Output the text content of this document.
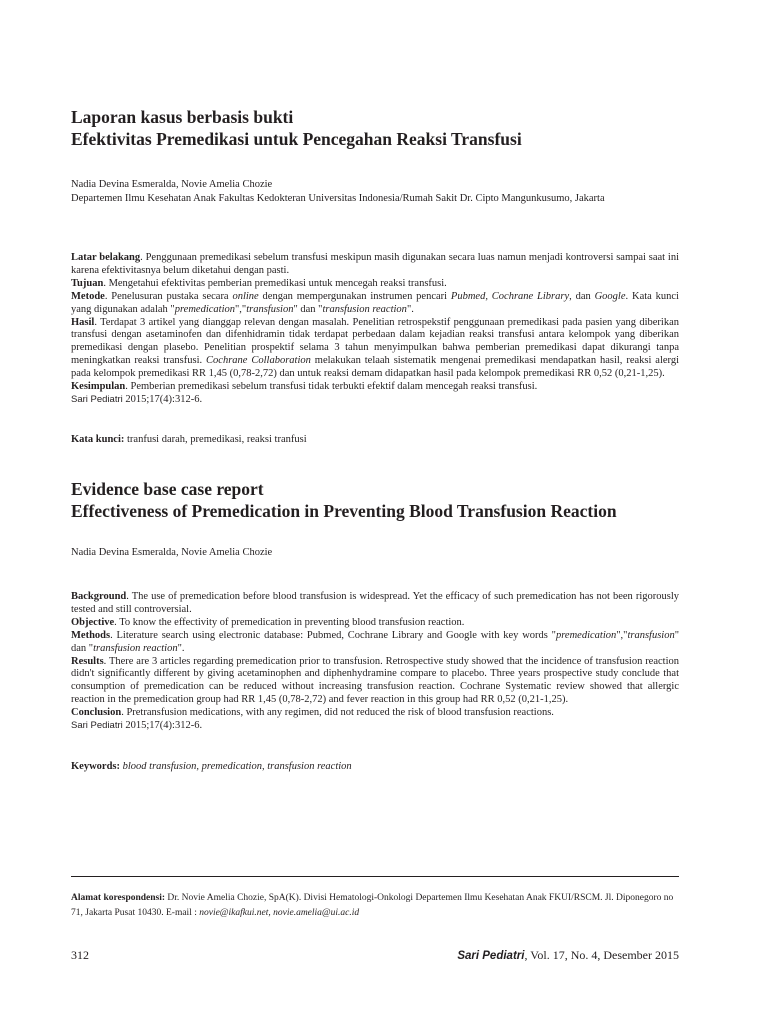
Laporan kasus berbasis bukti
Efektivitas Premedikasi untuk Pencegahan Reaksi Transfusi
Nadia Devina Esmeralda, Novie Amelia Chozie
Departemen Ilmu Kesehatan Anak Fakultas Kedokteran Universitas Indonesia/Rumah Sakit Dr. Cipto Mangunkusumo, Jakarta

Latar belakang. Penggunaan premedikasi sebelum transfusi meskipun masih digunakan secara luas namun menjadi kontroversi sampai saat ini karena efektivitasnya belum diketahui dengan pasti.

Tujuan. Mengetahui efektivitas pemberian premedikasi untuk mencegah reaksi transfusi.

Metode. Penelusuran pustaka secara online dengan mempergunakan instrumen pencari Pubmed, Cochrane Library, dan Google. Kata kunci yang digunakan adalah "premedication","transfusion" dan "transfusion reaction".

Hasil. Terdapat 3 artikel yang dianggap relevan dengan masalah. Penelitian retrospekstif penggunaan premedikasi pada pasien yang diberikan transfusi dengan asetaminofen dan difenhidramin tidak terdapat perbedaan dalam kejadian reaksi transfusi antara kelompok yang diberikan premedikasi dengan plasebo. Penelitian prospektif selama 3 tahun menyimpulkan bahwa pemberian premedikasi dapat dikurangi tanpa meningkatkan reaksi transfusi. Cochrane Collaboration melakukan telaah sistematik mengenai premedikasi mendapatkan hasil, reaksi alergi pada kelompok premedikasi RR 1,45 (0,78-2,72) dan untuk reaksi demam didapatkan hasil pada kelompok premedikasi RR 0,52 (0,21-1,25).

Kesimpulan. Pemberian premedikasi sebelum transfusi tidak terbukti efektif dalam mencegah reaksi transfusi.

Sari Pediatri 2015;17(4):312-6.

Kata kunci: tranfusi darah, premedikasi, reaksi tranfusi
Evidence base case report
Effectiveness of Premedication in Preventing Blood Transfusion Reaction
Nadia Devina Esmeralda, Novie Amelia Chozie

Background. The use of premedication before blood transfusion is widespread. Yet the efficacy of such premedication has not been rigorously tested and still controversial.

Objective. To know the effectivity of premedication in preventing blood transfusion reaction.

Methods. Literature search using electronic database: Pubmed, Cochrane Library and Google with key words "premedication","transfusion" dan "transfusion reaction".

Results. There are 3 articles regarding premedication prior to transfusion. Retrospective study showed that the incidence of transfusion reaction didn't significantly different by giving acetaminophen and diphenhydramine compare to placebo. Three years prospective study conclude that consumption of premedication can be reduced without increasing transfusion reaction. Cochrane Systematic review showed that allergic reaction in the premedication group had RR 1,45 (0,78-2,72) and fever reaction in this group had RR 0,52 (0,21-1,25).

Conclusion. Pretransfusion medications, with any regimen, did not reduced the risk of blood transfusion reactions.

Sari Pediatri 2015;17(4):312-6.

Keywords: blood transfusion, premedication, transfusion reaction
Alamat korespondensi: Dr. Novie Amelia Chozie, SpA(K). Divisi Hematologi-Onkologi Departemen Ilmu Kesehatan Anak FKUI/RSCM. Jl. Diponegoro no 71, Jakarta Pusat 10430. E-mail : novie@ikafkui.net, novie.amelia@ui.ac.id
312	Sari Pediatri, Vol. 17, No. 4, Desember 2015
